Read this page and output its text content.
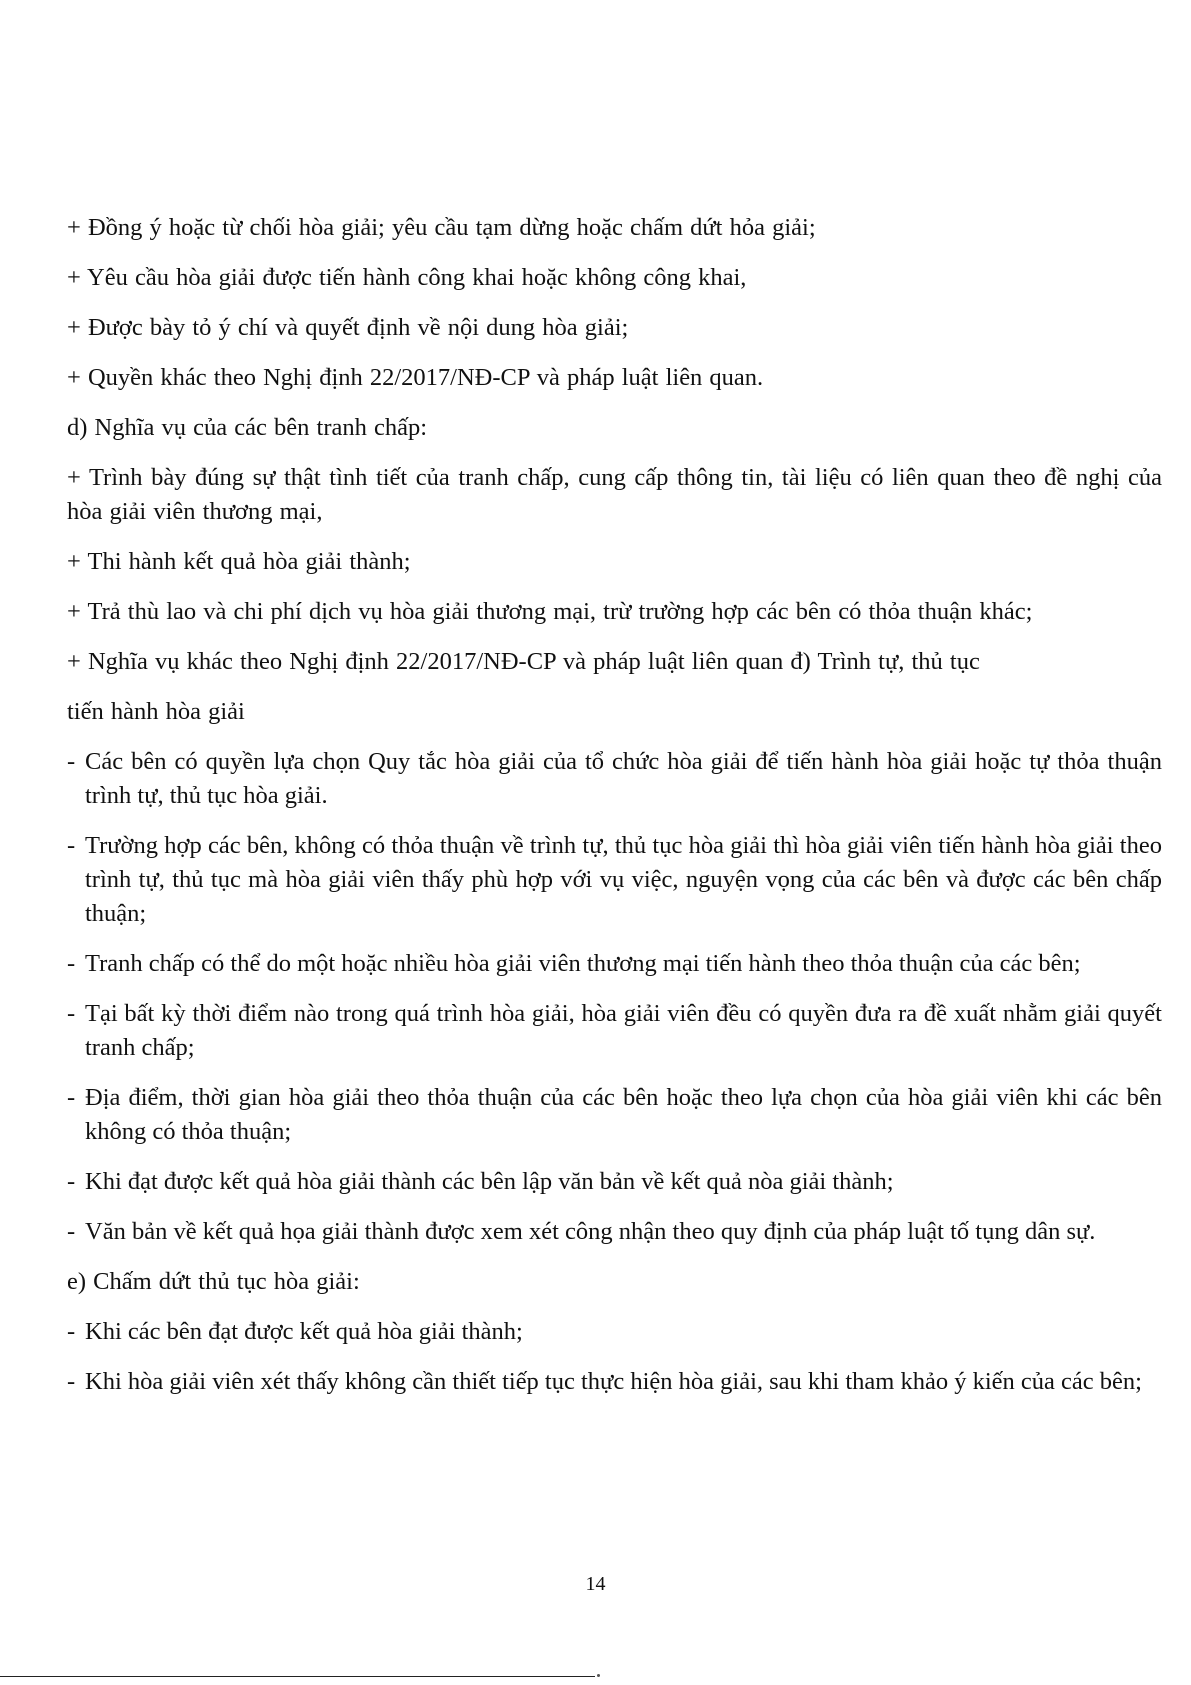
+ Đồng ý hoặc từ chối hòa giải; yêu cầu tạm dừng hoặc chấm dứt hỏa giải;

+ Yêu cầu hòa giải được tiến hành công khai hoặc không công khai,

+ Được bày tỏ ý chí và quyết định về nội dung hòa giải;

+ Quyền khác theo Nghị định 22/2017/NĐ-CP và pháp luật liên quan.

d) Nghĩa vụ của các bên tranh chấp:

+ Trình bày đúng sự thật tình tiết của tranh chấp, cung cấp thông tin, tài liệu có liên quan theo đề nghị của hòa giải viên thương mại,

+ Thi hành kết quả hòa giải thành;

+ Trả thù lao và chi phí dịch vụ hòa giải thương mại, trừ trường hợp các bên có thỏa thuận khác;

+ Nghĩa vụ khác theo Nghị định 22/2017/NĐ-CP và pháp luật liên quan đ) Trình tự, thủ tục

tiến hành hòa giải

- Các bên có quyền lựa chọn Quy tắc hòa giải của tổ chức hòa giải để tiến hành hòa giải hoặc tự thỏa thuận trình tự, thủ tục hòa giải.
- Trường hợp các bên, không có thỏa thuận về trình tự, thủ tục hòa giải thì hòa giải viên tiến hành hòa giải theo trình tự, thủ tục mà hòa giải viên thấy phù hợp với vụ việc, nguyện vọng của các bên và được các bên chấp thuận;
- Tranh chấp có thể do một hoặc nhiều hòa giải viên thương mại tiến hành theo thỏa thuận của các bên;
- Tại bất kỳ thời điểm nào trong quá trình hòa giải, hòa giải viên đều có quyền đưa ra đề xuất nhằm giải quyết tranh chấp;
- Địa điểm, thời gian hòa giải theo thỏa thuận của các bên hoặc theo lựa chọn của hòa giải viên khi các bên không có thỏa thuận;
- Khi đạt được kết quả hòa giải thành các bên lập văn bản về kết quả nòa giải thành;
- Văn bản về kết quả họa giải thành được xem xét công nhận theo quy định của pháp luật tố tụng dân sự.

e) Chấm dứt thủ tục hòa giải:

- Khi các bên đạt được kết quả hòa giải thành;
- Khi hòa giải viên xét thấy không cần thiết tiếp tục thực hiện hòa giải, sau khi tham khảo ý kiến của các bên;
14
